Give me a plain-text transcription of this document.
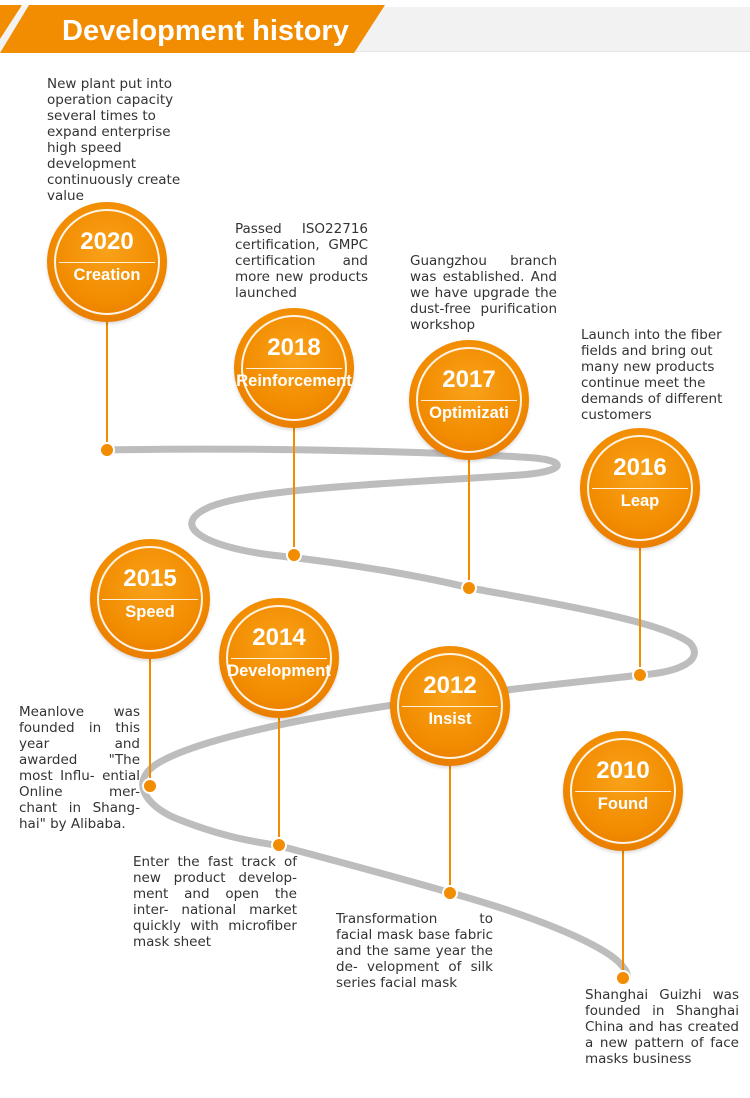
Development history

New plant put into operation capacity several times to expand enterprise high speed development continuously create value

Passed ISO22716 certification, GMPC certification and more new products launched

Guangzhou branch was established. And we have upgrade the dust-free purification workshop

Launch into the fiber fields and bring out many new products continue meet the demands of different customers

Meanlove was founded in this year and awarded "The most Influ- ential Online mer- chant in Shang- hai" by Alibaba.

Enter the fast track of new product develop- ment and open the inter- national market quickly with microfiber mask sheet

Transformation to facial mask base fabric and the same year the de- velopment of silk series facial mask

Shanghai Guizhi was founded in Shanghai China and has created a new pattern of face masks business

2020
Creation
2018
Reinforcement	2017
Optimizati
2016
Leap
2015
Speed
2014
Development
2012
Insist
2010
Found
